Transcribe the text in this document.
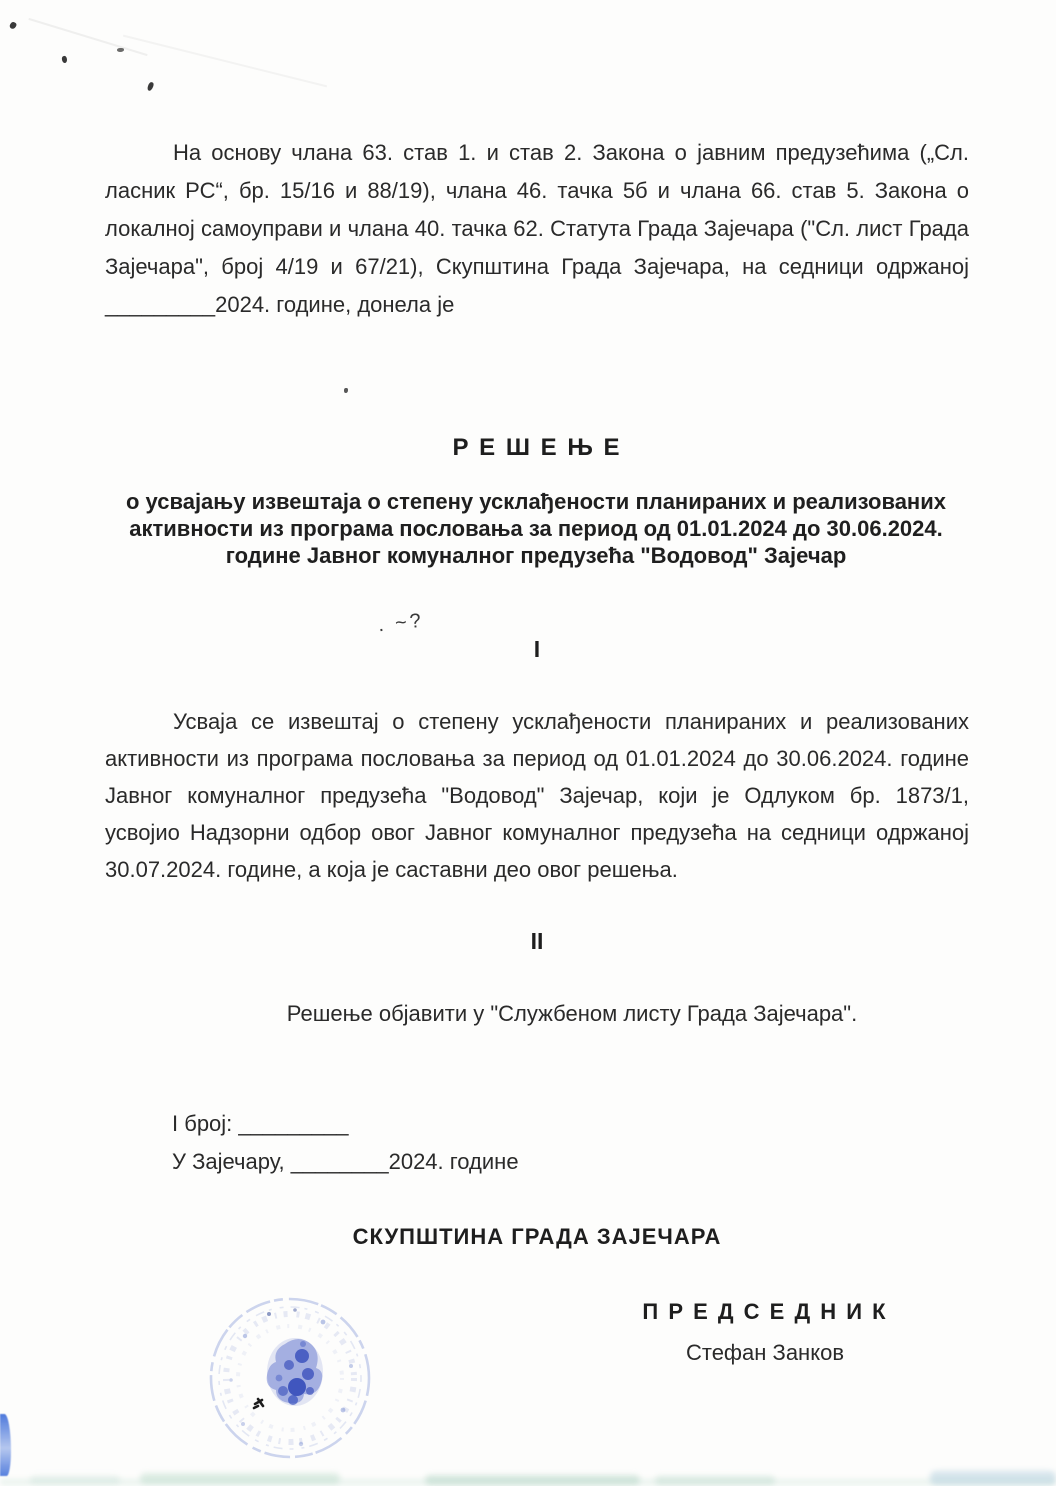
На основу члана 63. став 1. и став 2. Закона о јавним предузећима („Сл. ласник РС“, бр. 15/16 и 88/19), члана 46. тачка 5б и члана 66. став 5. Закона о локалној самоуправи и члана 40. тачка 62. Статута Града Зајечара ("Сл. лист Града Зајечара", број 4/19 и 67/21), Скупштина Града Зајечара, на седници одржаној _________2024. године, донела је
Р Е Ш Е Њ Е
о усвајању извештаја о степену усклађености планираних и реализованих активности из програма пословања за период од 01.01.2024 до 30.06.2024. године Јавног комуналног предузећа "Водовод" Зајечар
. ~?
I
Усваја се извештај о степену усклађености планираних и реализованих активности из програма пословања за период од 01.01.2024 до 30.06.2024. године Јавног комуналног предузећа "Водовод" Зајечар, који је Одлуком бр. 1873/1, усвојио Надзорни одбор овог Јавног комуналног предузећа на седници одржаној 30.07.2024. године, а која је саставни део овог решења.
II
Решење објавити у "Службеном листу Града Зајечара".
I број: _________
У Зајечару, ________2024. године
СКУПШТИНА ГРАДА ЗАЈЕЧАРА
П Р Е Д С Е Д Н И К
Стефан Занков
